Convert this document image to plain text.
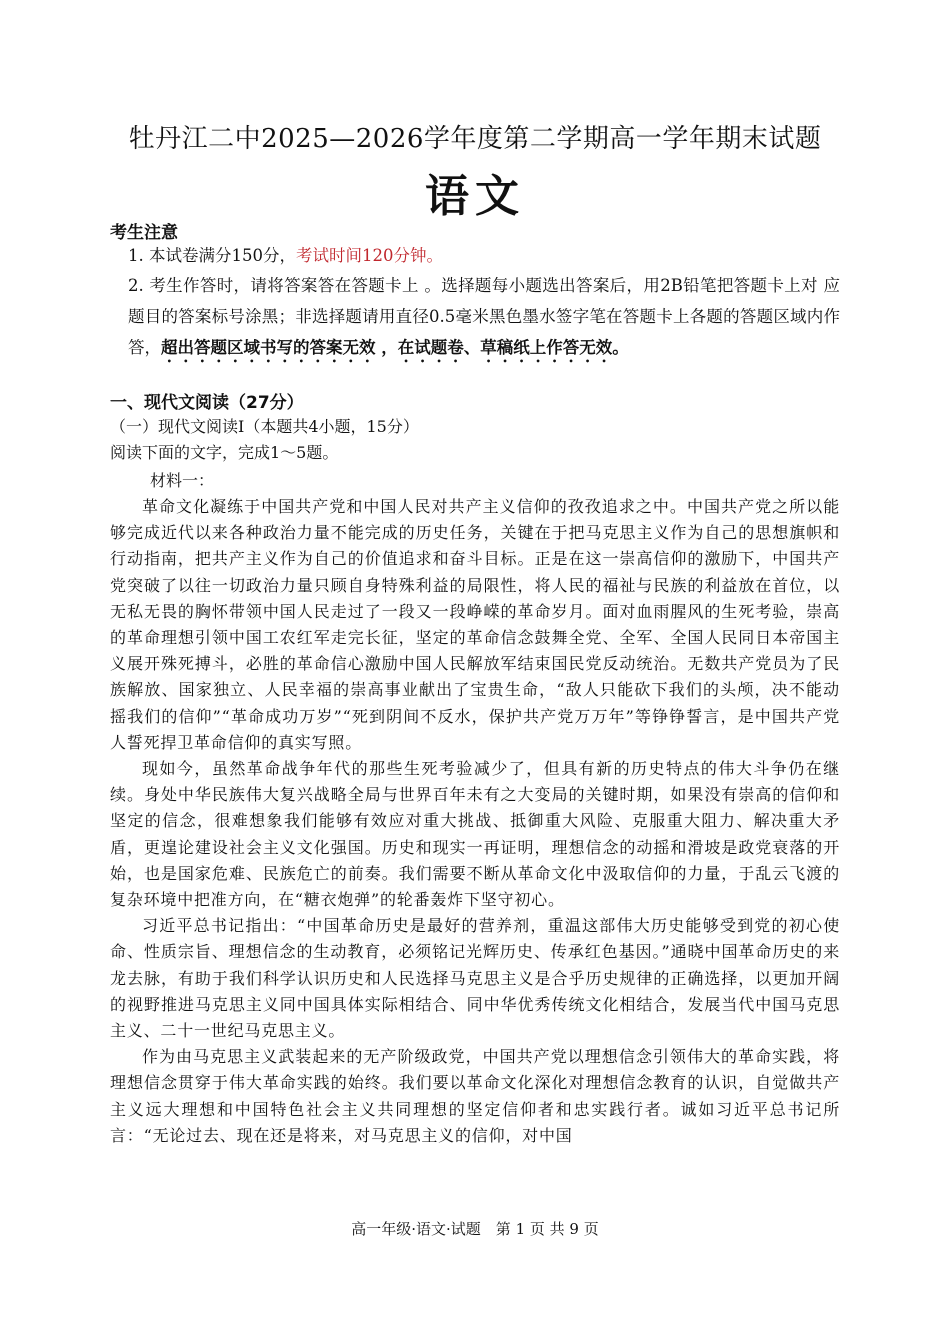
牡丹江二中2025—2026学年度第二学期高一学年期末试题
语文
考生注意
1. 本试卷满分150分，考试时间120分钟。
2. 考生作答时，请将答案答在答题卡上 。选择题每小题选出答案后，用2B铅笔把答题卡上对 应题目的答案标号涂黑；非选择题请用直径0.5毫米黑色墨水签字笔在答题卡上各题的答题区域内作答，超出答题区域书写的答案无效 ，在试题卷、草稿纸上作答无效。
一、现代文阅读（27分）
（一）现代文阅读Ⅰ（本题共4小题，15分）
阅读下面的文字，完成1～5题。
材料一：

革命文化凝练于中国共产党和中国人民对共产主义信仰的孜孜追求之中。中国共产党之所以能够完成近代以来各种政治力量不能完成的历史任务，关键在于把马克思主义作为自己的思想旗帜和行动指南，把共产主义作为自己的价值追求和奋斗目标。正是在这一崇高信仰的激励下，中国共产党突破了以往一切政治力量只顾自身特殊利益的局限性，将人民的福祉与民族的利益放在首位，以无私无畏的胸怀带领中国人民走过了一段又一段峥嵘的革命岁月。面对血雨腥风的生死考验，崇高的革命理想引领中国工农红军走完长征，坚定的革命信念鼓舞全党、全军、全国人民同日本帝国主义展开殊死搏斗，必胜的革命信心激励中国人民解放军结束国民党反动统治。无数共产党员为了民族解放、国家独立、人民幸福的崇高事业献出了宝贵生命，“敌人只能砍下我们的头颅，决不能动摇我们的信仰”“革命成功万岁”“死到阴间不反水，保护共产党万万年”等铮铮誓言，是中国共产党人誓死捍卫革命信仰的真实写照。

现如今，虽然革命战争年代的那些生死考验减少了，但具有新的历史特点的伟大斗争仍在继续。身处中华民族伟大复兴战略全局与世界百年未有之大变局的关键时期，如果没有崇高的信仰和坚定的信念，很难想象我们能够有效应对重大挑战、抵御重大风险、克服重大阻力、解决重大矛盾，更遑论建设社会主义文化强国。历史和现实一再证明，理想信念的动摇和滑坡是政党衰落的开始，也是国家危难、民族危亡的前奏。我们需要不断从革命文化中汲取信仰的力量，于乱云飞渡的复杂环境中把准方向，在“糖衣炮弹”的轮番轰炸下坚守初心。

习近平总书记指出：“中国革命历史是最好的营养剂，重温这部伟大历史能够受到党的初心使命、性质宗旨、理想信念的生动教育，必须铭记光辉历史、传承红色基因。”通晓中国革命历史的来龙去脉，有助于我们科学认识历史和人民选择马克思主义是合乎历史规律的正确选择，以更加开阔的视野推进马克思主义同中国具体实际相结合、同中华优秀传统文化相结合，发展当代中国马克思主义、二十一世纪马克思主义。

作为由马克思主义武装起来的无产阶级政党，中国共产党以理想信念引领伟大的革命实践，将理想信念贯穿于伟大革命实践的始终。我们要以革命文化深化对理想信念教育的认识，自觉做共产主义远大理想和中国特色社会主义共同理想的坚定信仰者和忠实践行者。诚如习近平总书记所言：“无论过去、现在还是将来，对马克思主义的信仰，对中国

高一年级·语文·试题　第 1 页 共 9 页
